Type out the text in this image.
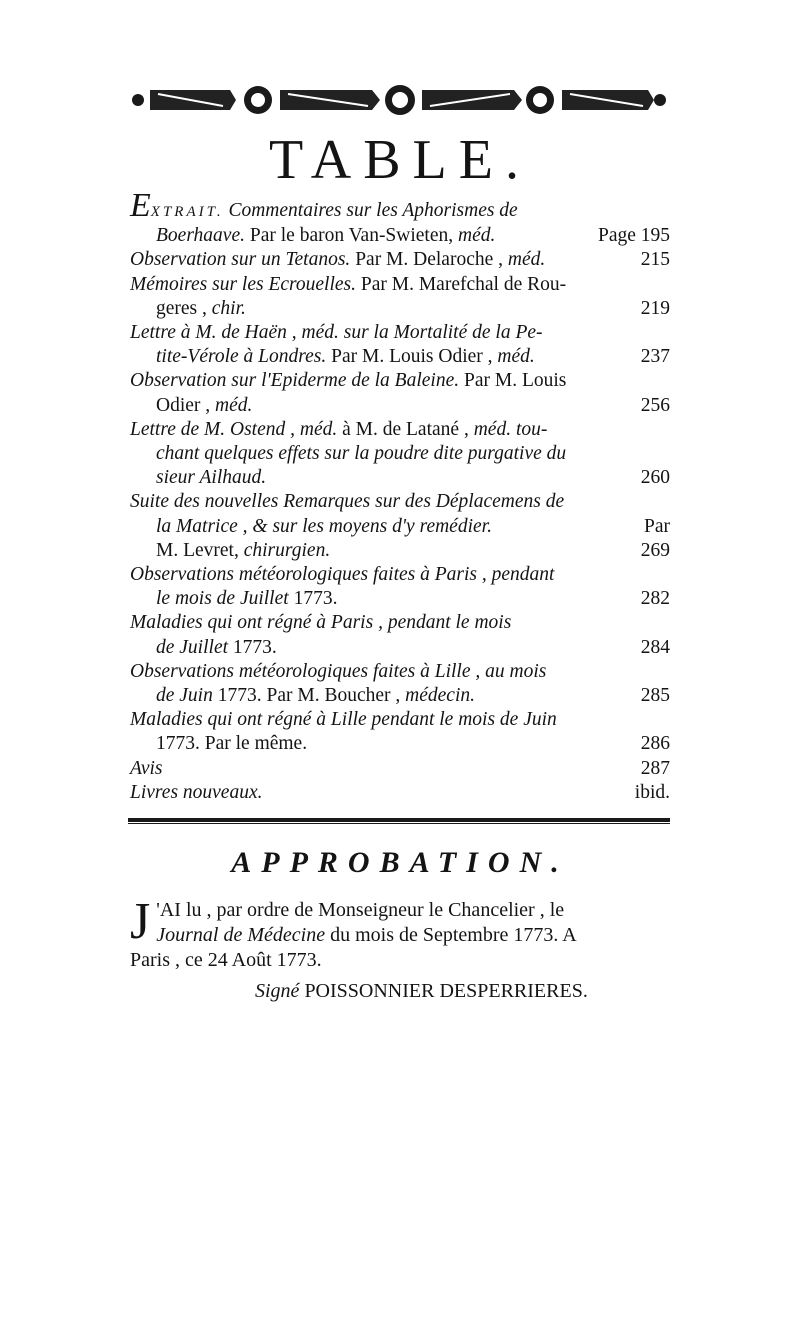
TABLE.
EXTRAIT. Commentaires sur les Aphorismes de
Boerhaave. Par le baron Van-Swieten, méd.	Page 195
Observation sur un Tetanos. Par M. Delaroche , méd.	215
Mémoires sur les Ecrouelles. Par M. Marefchal de Rou-
geres , chir.	219
Lettre à M. de Haën , méd. sur la Mortalité de la Pe-
tite-Vérole à Londres. Par M. Louis Odier , méd.	237
Observation sur l'Epiderme de la Baleine. Par M. Louis
Odier , méd.	256
Lettre de M. Ostend , méd. à M. de Latané , méd. tou-
chant quelques effets sur la poudre dite purgative du
sieur Ailhaud.	260
Suite des nouvelles Remarques sur des Déplacemens de
la Matrice , & sur les moyens d'y remédier.	Par
M. Levret, chirurgien.	269
Observations météorologiques faites à Paris , pendant
le mois de Juillet 1773.	282
Maladies qui ont régné à Paris , pendant le mois
de Juillet 1773.	284
Observations météorologiques faites à Lille , au mois
de Juin 1773. Par M. Boucher , médecin.	285
Maladies qui ont régné à Lille pendant le mois de Juin
1773. Par le même.	286
Avis	287
Livres nouveaux.	ibid.
APPROBATION.

J 'AI lu , par ordre de Monseigneur le Chancelier , le
Journal de Médecine du mois de Septembre 1773. A

Paris , ce 24 Août 1773.

Signé POISSONNIER DESPERRIERES.
